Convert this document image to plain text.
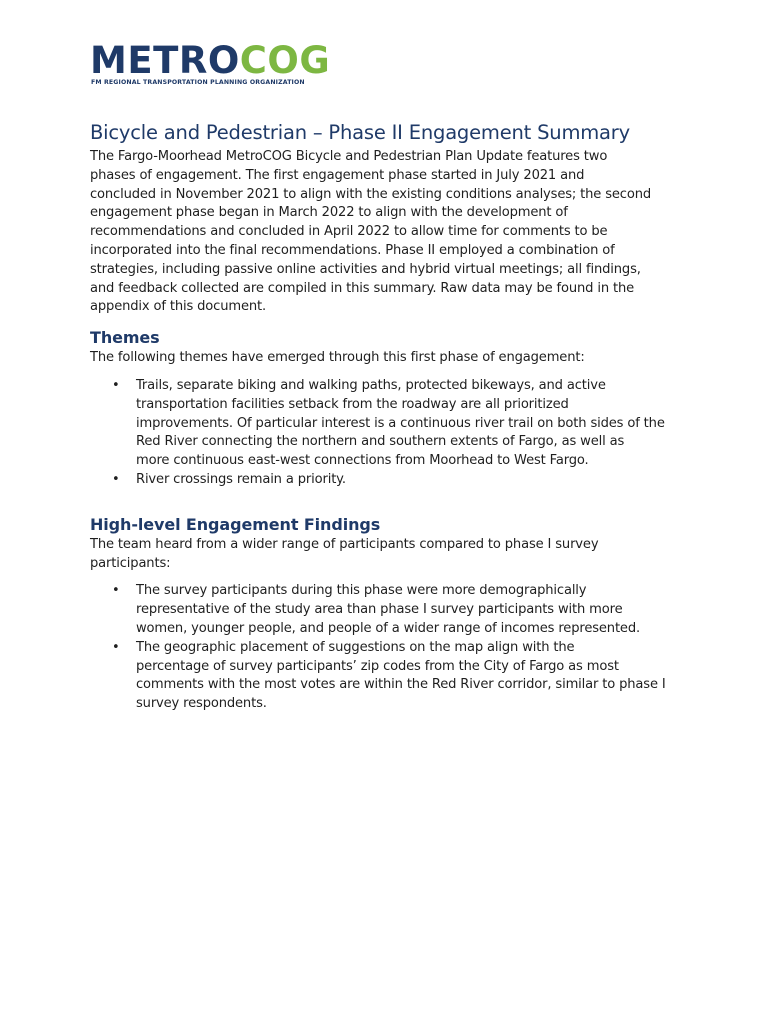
METROCOG
FM REGIONAL TRANSPORTATION PLANNING ORGANIZATION
Bicycle and Pedestrian – Phase II Engagement Summary

The Fargo-Moorhead MetroCOG Bicycle and Pedestrian Plan Update features two
phases of engagement. The first engagement phase started in July 2021 and
concluded in November 2021 to align with the existing conditions analyses; the second
engagement phase began in March 2022 to align with the development of
recommendations and concluded in April 2022 to allow time for comments to be
incorporated into the final recommendations. Phase II employed a combination of
strategies, including passive online activities and hybrid virtual meetings; all findings,
and feedback collected are compiled in this summary. Raw data may be found in the
appendix of this document.

Themes

The following themes have emerged through this first phase of engagement:

• Trails, separate biking and walking paths, protected bikeways, and active
transportation facilities setback from the roadway are all prioritized
improvements. Of particular interest is a continuous river trail on both sides of the
Red River connecting the northern and southern extents of Fargo, as well as
more continuous east-west connections from Moorhead to West Fargo.
• River crossings remain a priority.
High-level Engagement Findings

The team heard from a wider range of participants compared to phase I survey
participants:

• The survey participants during this phase were more demographically
representative of the study area than phase I survey participants with more
women, younger people, and people of a wider range of incomes represented.
• The geographic placement of suggestions on the map align with the
percentage of survey participants’ zip codes from the City of Fargo as most
comments with the most votes are within the Red River corridor, similar to phase I
survey respondents.
